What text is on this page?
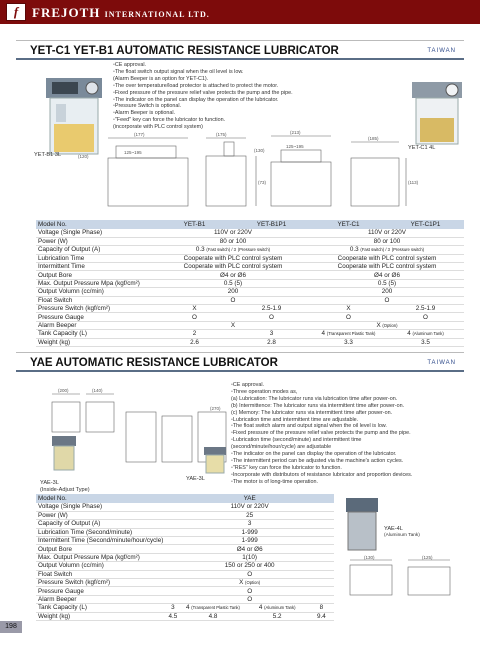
f FREJOTH INTERNATIONAL LTD.
YET-C1 YET-B1 AUTOMATIC RESISTANCE LUBRICATOR	TAIWAN
YET-B1 3L
• CE approval.
• The float switch output signal when the oil level is low.
(Alarm Beeper is an option for YET-C1).
• The over temperature/load protector is attached to protect the motor.
• Fixed pressure of the pressure relief valve protects the pump and the pipe.
• The indicator on the panel can display the operation of the lubricator.
• Pressure Switch is optional.
• Alarm Beeper is optional.
• "Feed" key can force the lubricator to function.
(incorporate with PLC control system)
YET-C1 4L
(177)	(175)
125~195
(213)
(185)
125~195
(73)	(113)
(120)
(130)
Model No.	YET-B1	YET-B1P1	YET-C1	YET-C1P1
Voltage (Single Phase)	110V or 220V		110V or 220V	
Power (W)	80 or 100		80 or 100	
Capacity of Output (A)	0.3 (Fast switch) / 3 (Pressure switch)		0.3 (Fast switch) / 3 (Pressure switch)	
Lubrication Time	Cooperate with PLC control system		Cooperate with PLC control system	
Intermittent Time	Cooperate with PLC control system		Cooperate with PLC control system	
Output Bore	Ø4 or Ø6		Ø4 or Ø6	
Max. Output Pressure Mpa (kgf/cm²)	0.5 (5)		0.5 (5)	
Output Volumn (cc/min)	200		200	
Float Switch	O		O	
Pressure Switch (kgf/cm²)	X	2.5-1.9	X	2.5-1.9
Pressure Gauge	O	O	O	O
Alarm Beeper	X		X (Option)	
Tank Capacity (L)	2	3	4 (Transparent Plastic Tank)	4 (Aluminum Tank)
Weight (kg)	2.6	2.8	3.3	3.5
YAE AUTOMATIC RESISTANCE LUBRICATOR	TAIWAN
(200)	(140)
(270)
YAE-3L
(Inside-Adjust Type)
YAE-3L
• CE approval.
• Three operation modes as,
(a) Lubrication: The lubricator runs via lubrication time after power-on.
(b) Intermittence: The lubricator runs via intermittent time after power-on.
(c) Memory: The lubricator runs via intermittent time after power-on.
• Lubrication time and intermittent time are adjustable.
• The float switch alarm and output signal when the oil level is low.
• Fixed pressure of the pressure relief valve protects the pump and the pipe.
• Lubrication time (second/minute) and intermittent time
(second/minute/hour/cycle) are adjustable
• The indicator on the panel can display the operation of the lubricator.
• The intermittent period can be adjusted via the machine's action cycles.
• "RES" key can force the lubricator to function.
• Incorporate with distributors of resistance lubricator and proportion devices.
• The motor is of long-time operation.
YAE-4L
(Aluminum Tank)
(130)	(125)
Model No.	YAE			
Voltage (Single Phase)	110V or 220V			
Power (W)	25			
Capacity of Output (A)	3			
Lubrication Time (Second/minute)	1-999			
Intermittent Time (Second/minute/hour/cycle)	1-999			
Output Bore	Ø4 or Ø6			
Max. Output Pressure Mpa (kgf/cm²)	1(10)			
Output Volumn (cc/min)	150 or 250 or 400			
Float Switch	O			
Pressure Switch (kgf/cm²)	X (Option)			
Pressure Gauge	O			
Alarm Beeper	O			
Tank Capacity (L)	3	4 (Transparent Plastic Tank)	4 (Aluminum Tank)	8
Weight (kg)	4.5	4.8	5.2	9.4
198
